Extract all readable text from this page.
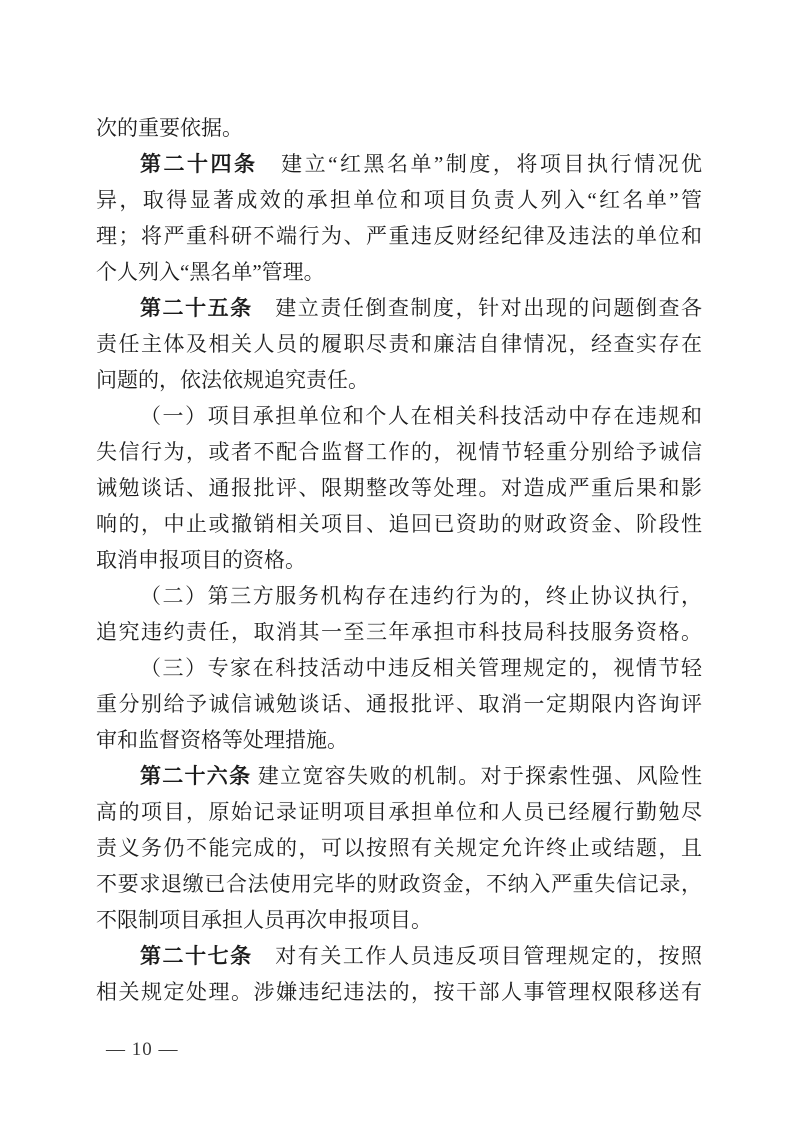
次的重要依据。
第二十四条　建立“红黑名单”制度，将项目执行情况优
异，取得显著成效的承担单位和项目负责人列入“红名单”管
理；将严重科研不端行为、严重违反财经纪律及违法的单位和
个人列入“黑名单”管理。
第二十五条　建立责任倒查制度，针对出现的问题倒查各
责任主体及相关人员的履职尽责和廉洁自律情况，经查实存在
问题的，依法依规追究责任。
（一）项目承担单位和个人在相关科技活动中存在违规和
失信行为，或者不配合监督工作的，视情节轻重分别给予诚信
诫勉谈话、通报批评、限期整改等处理。对造成严重后果和影
响的，中止或撤销相关项目、追回已资助的财政资金、阶段性
取消申报项目的资格。
（二）第三方服务机构存在违约行为的，终止协议执行，
追究违约责任，取消其一至三年承担市科技局科技服务资格。
（三）专家在科技活动中违反相关管理规定的，视情节轻
重分别给予诚信诫勉谈话、通报批评、取消一定期限内咨询评
审和监督资格等处理措施。
第二十六条 建立宽容失败的机制。对于探索性强、风险性
高的项目，原始记录证明项目承担单位和人员已经履行勤勉尽
责义务仍不能完成的，可以按照有关规定允许终止或结题，且
不要求退缴已合法使用完毕的财政资金，不纳入严重失信记录，
不限制项目承担人员再次申报项目。
第二十七条　对有关工作人员违反项目管理规定的，按照
相关规定处理。涉嫌违纪违法的，按干部人事管理权限移送有
— 10 —
